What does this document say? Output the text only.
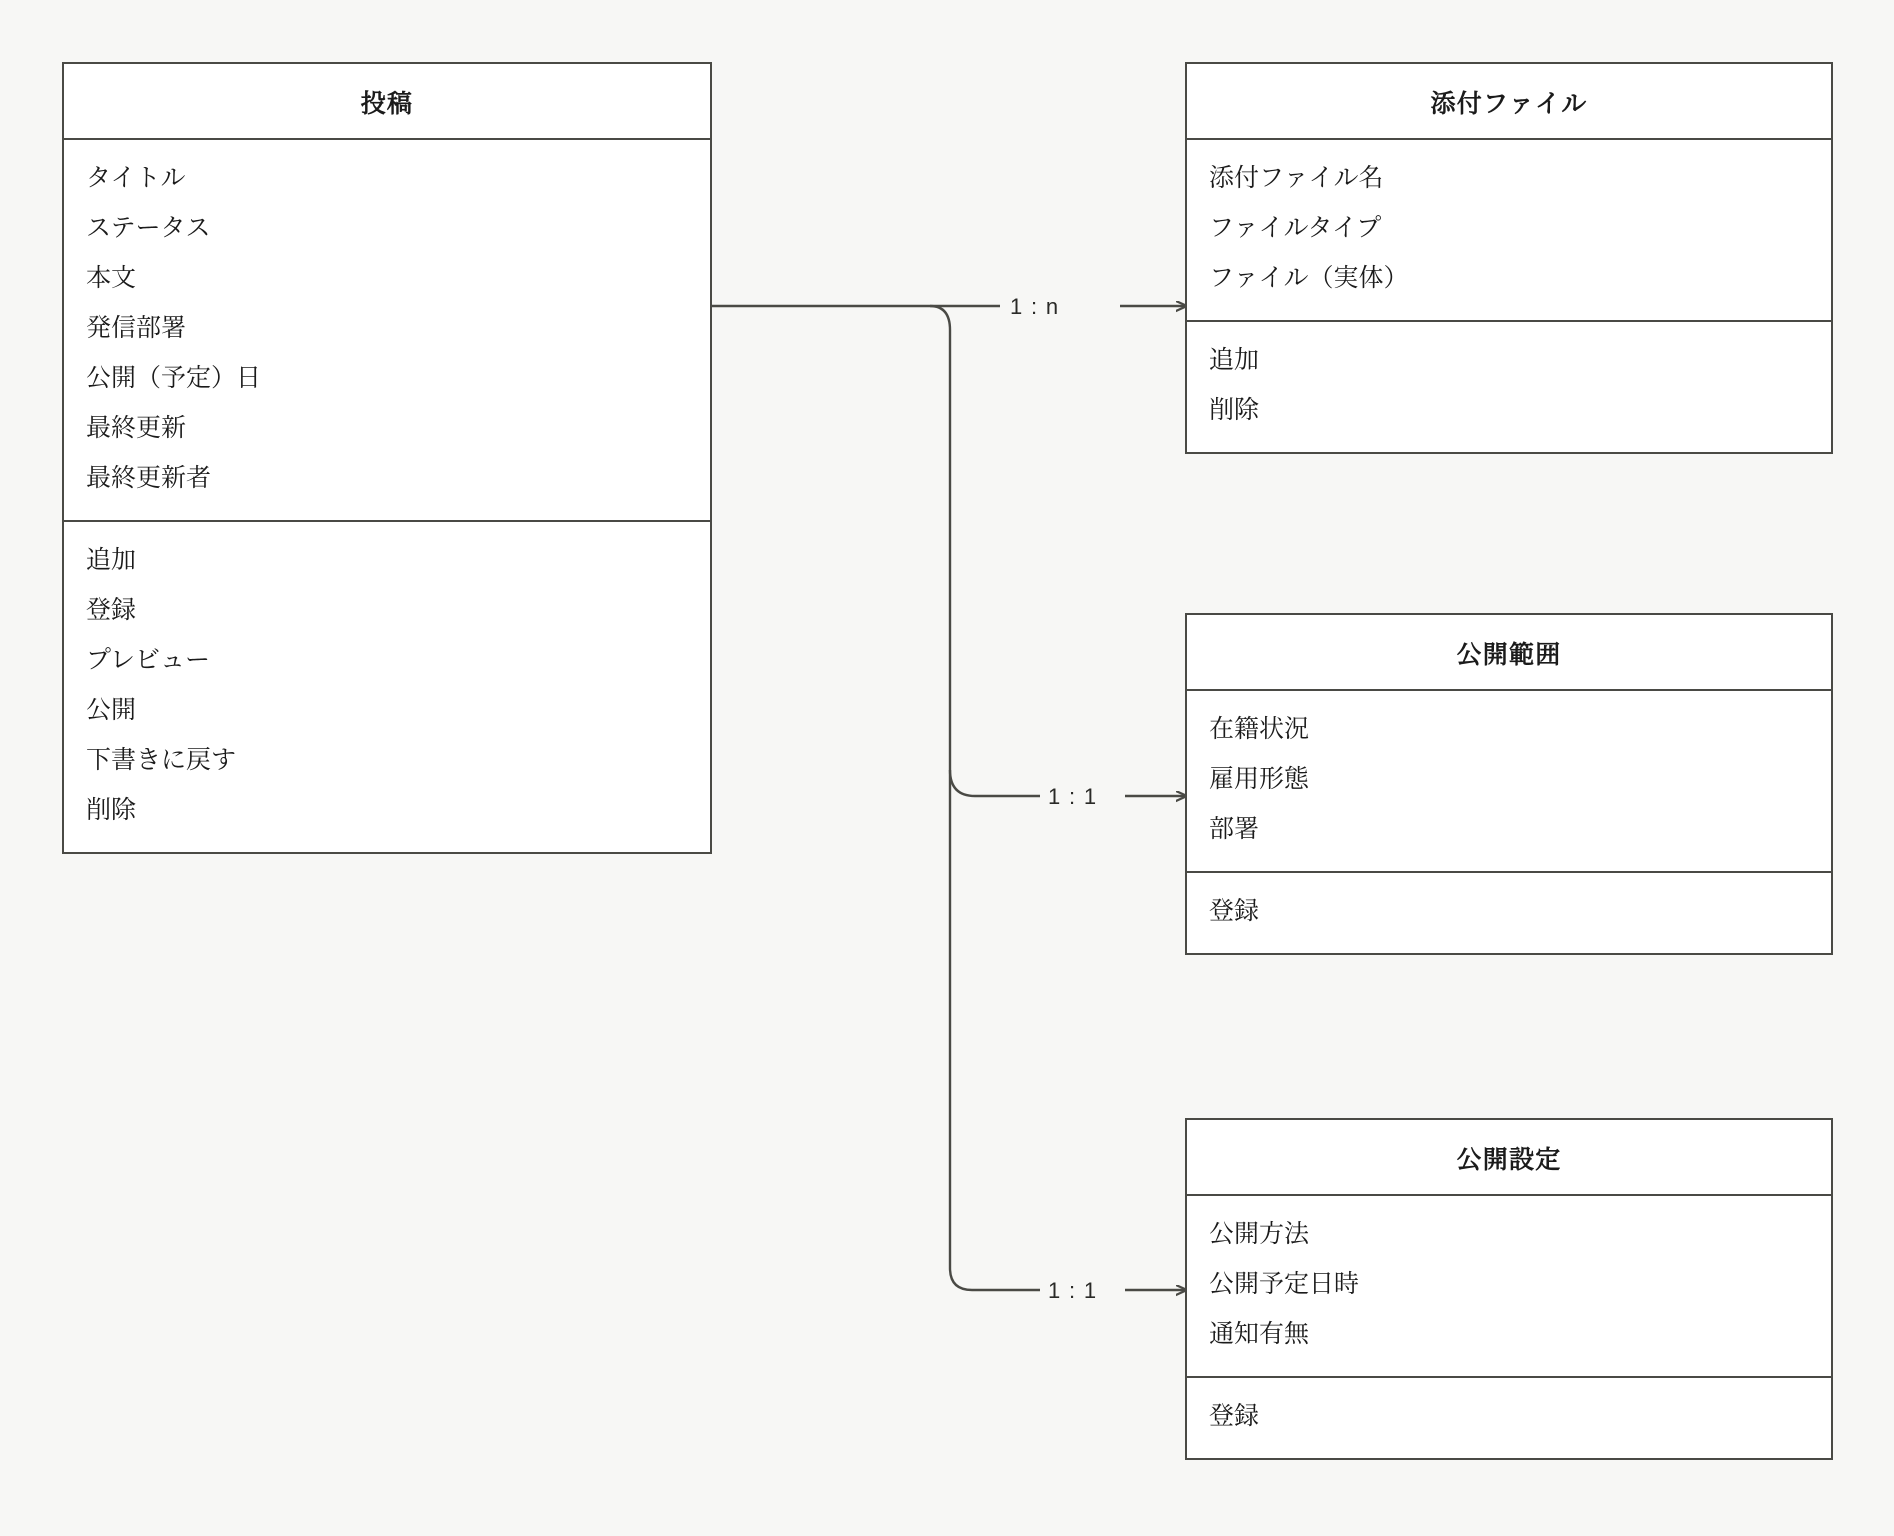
投稿
タイトル
ステータス
本文
発信部署
公開（予定）日
最終更新
最終更新者
追加
登録
プレビュー
公開
下書きに戻す
削除
添付ファイル
添付ファイル名
ファイルタイプ
ファイル（実体）
追加
削除
公開範囲
在籍状況
雇用形態
部署
登録
公開設定
公開方法
公開予定日時
通知有無
登録
1 : n
1 : 1
1 : 1
